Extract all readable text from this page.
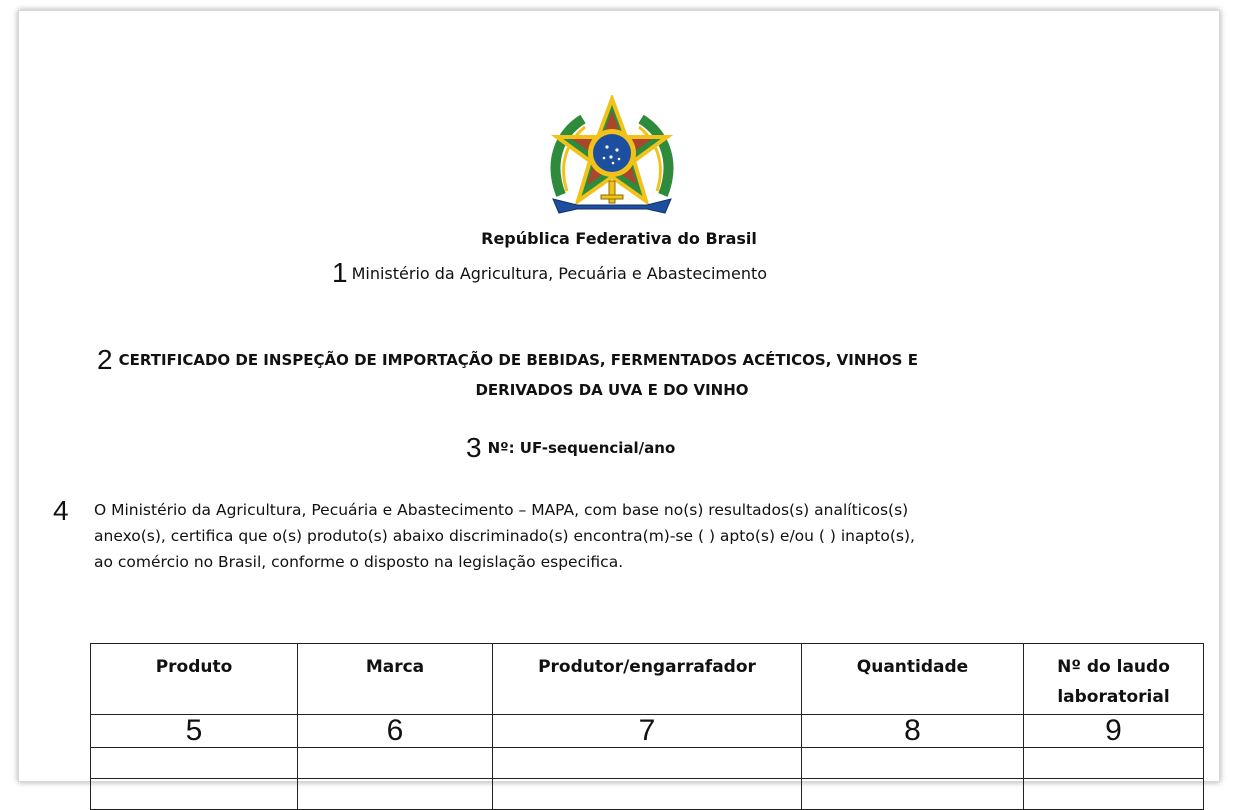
República Federativa do Brasil
1 Ministério da Agricultura, Pecuária e Abastecimento
2 CERTIFICADO DE INSPEÇÃO DE IMPORTAÇÃO DE BEBIDAS, FERMENTADOS ACÉTICOS, VINHOS E
DERIVADOS DA UVA E DO VINHO
3 Nº: UF-sequencial/ano
4 O Ministério da Agricultura, Pecuária e Abastecimento – MAPA, com base no(s) resultados(s) analíticos(s)
anexo(s), certifica que o(s) produto(s) abaixo discriminado(s) encontra(m)-se ( ) apto(s) e/ou ( ) inapto(s),
ao comércio no Brasil, conforme o disposto na legislação especifica.
Produto	Marca	Produtor/engarrafador	Quantidade	Nº do laudo laboratorial
5	6	7	8	9
